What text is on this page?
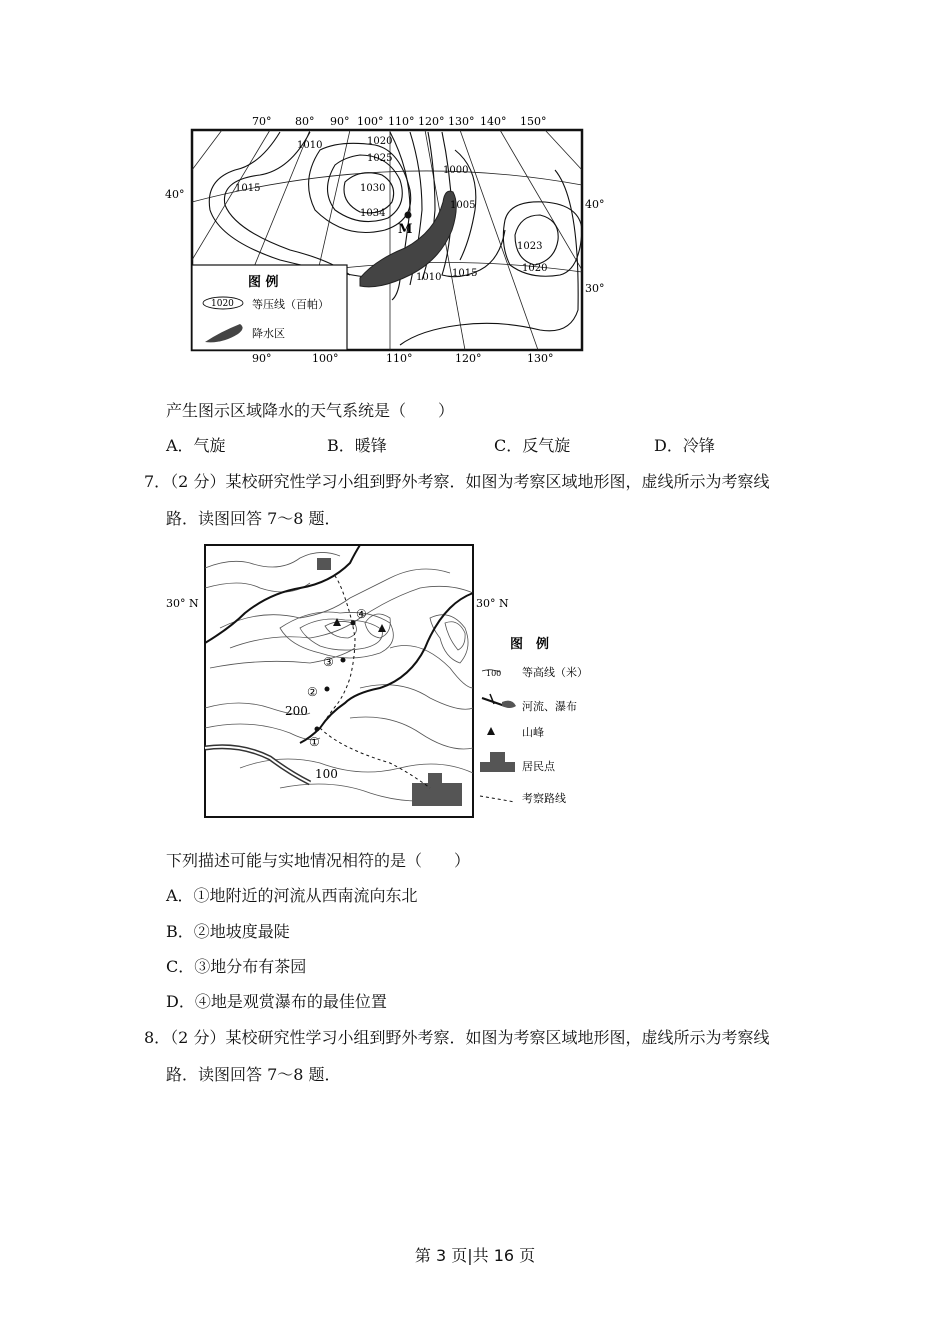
70° 80° 90° 100° 110° 120° 130° 140° 150°
40°
40°
30°
90°	100°	110°	120°	130°
1010
1015
1020
1025
1030
1034
1000
1005
1010 1015
1023
1020
M
图 例
1020 等压线（百帕）
降水区
产生图示区域降水的天气系统是（　　）
A．气旋	B．暖锋	C．反气旋	D．冷锋
7．（2 分）某校研究性学习小组到野外考察．如图为考察区域地形图，虚线所示为考察线
路．读图回答 7～8 题．
30° N	30° N
④
③
②
①
200
100
图　例
100 等高线（米）
河流、瀑布
山峰
居民点
考察路线
下列描述可能与实地情况相符的是（　　）
A．①地附近的河流从西南流向东北
B．②地坡度最陡
C．③地分布有茶园
D．④地是观赏瀑布的最佳位置
8．（2 分）某校研究性学习小组到野外考察．如图为考察区域地形图，虚线所示为考察线
路．读图回答 7～8 题．
第 3 页|共 16 页
